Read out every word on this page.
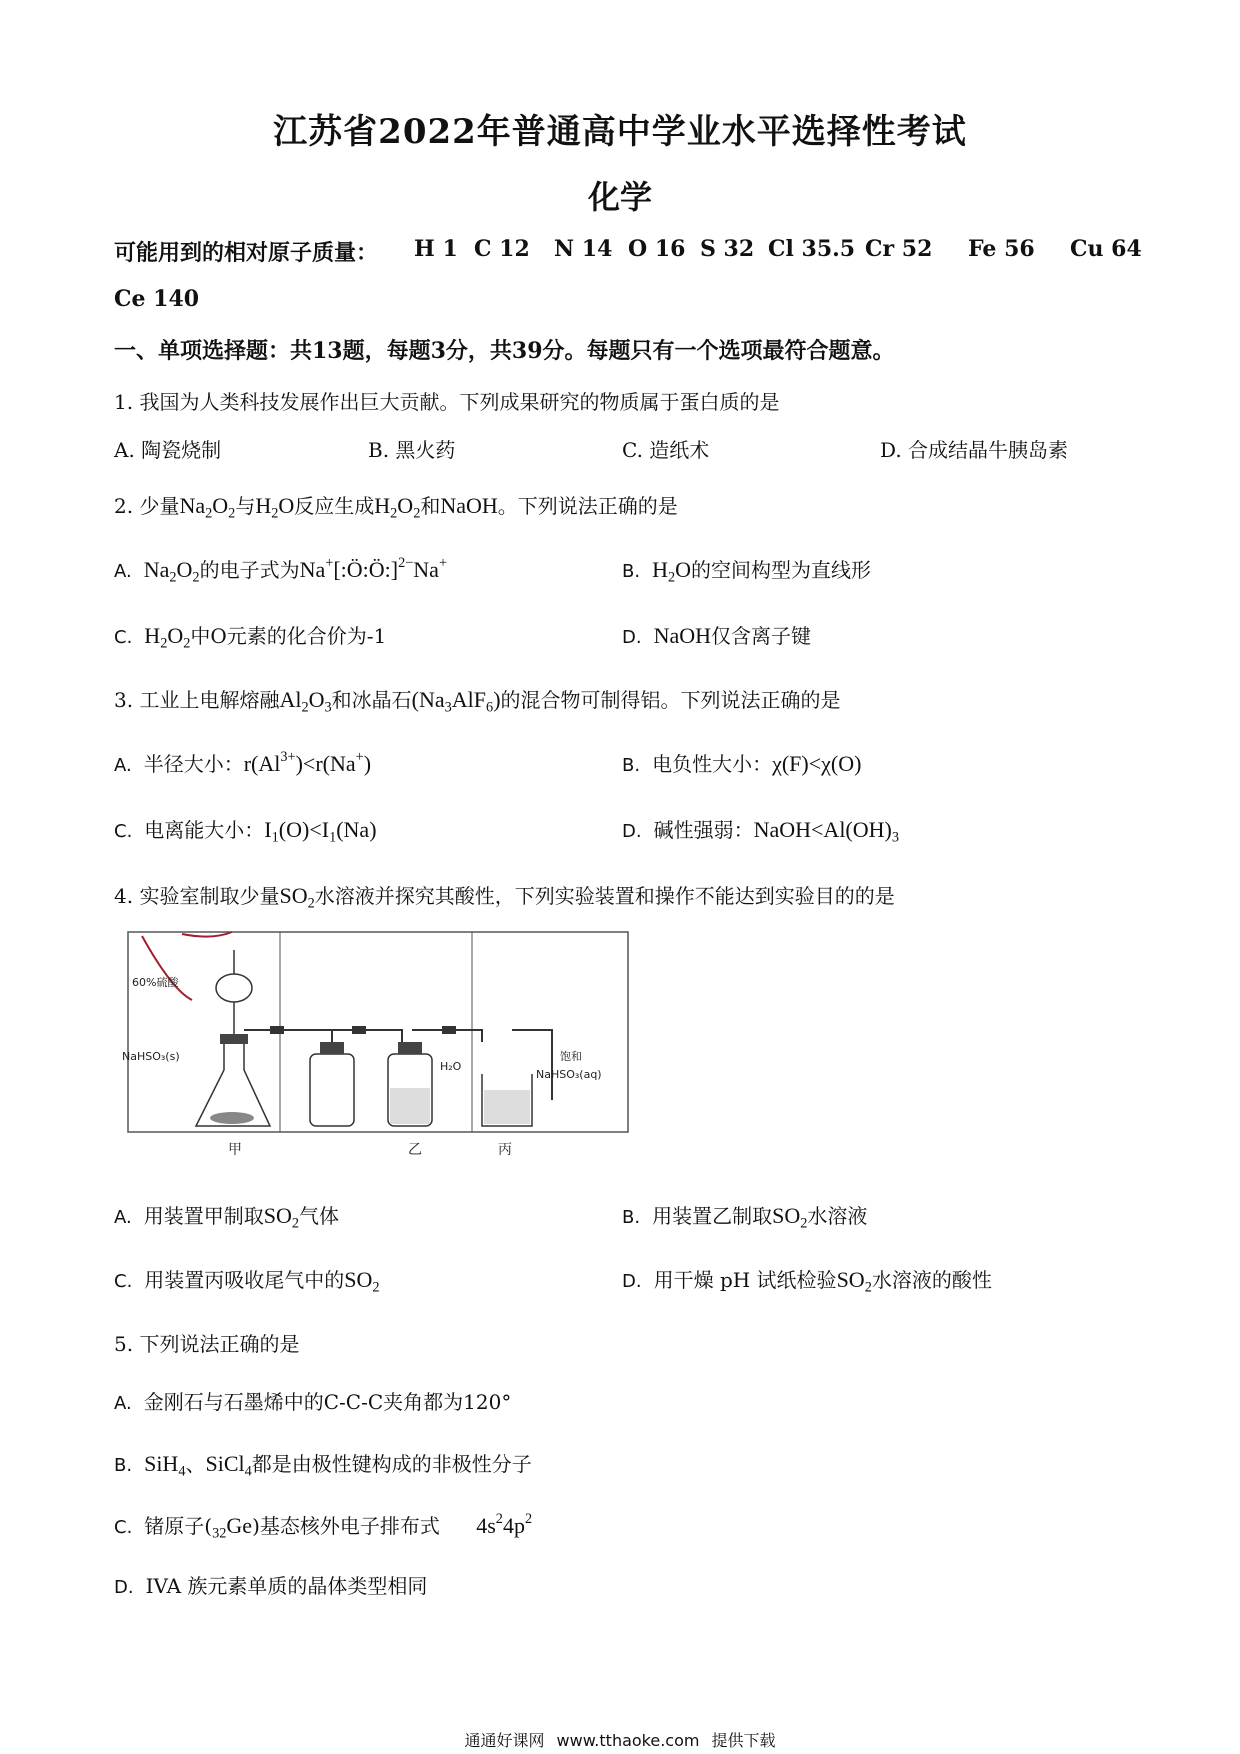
江苏省2022年普通高中学业水平选择性考试
化学
可能用到的相对原子质量： H 1 C 12 N 14 O 16 S 32 Cl 35.5 Cr 52 Fe 56 Cu 64
Ce 140
一、单项选择题：共13题，每题3分，共39分。每题只有一个选项最符合题意。
1. 我国为人类科技发展作出巨大贡献。下列成果研究的物质属于蛋白质的是
A. 陶瓷烧制	B. 黑火药	C. 造纸术	D. 合成结晶牛胰岛素
2. 少量$Na_2O_2$与$H_2O$反应生成$H_2O_2$和NaOH。下列说法正确的是
A. $Na_2O_2$的电子式为Na+[:Ö:Ö:]$^{2-}$Na+	B. $H_2O$的空间构型为直线形
C. $H_2O_2$中O元素的化合价为-1	D. NaOH仅含离子键
3. 工业上电解熔融$Al_2O_3$和冰晶石$(Na_3AlF_6)$的混合物可制得铝。下列说法正确的是
A. 半径大小：$r(Al^{3+})<r(Na^+)$	B. 电负性大小：χ(F)<χ(O)
C. 电离能大小：$I_1(O)<I_1(Na)$	D. 碱性强弱：$NaOH<Al(OH)_3$
4. 实验室制取少量$SO_2$水溶液并探究其酸性，下列实验装置和操作不能达到实验目的的是
60%硫酸
NaHSO₃(s)
H₂O
饱和
NaHSO₃(aq)
甲	乙	丙
A. 用装置甲制取$SO_2$气体	B. 用装置乙制取$SO_2$水溶液
C. 用装置丙吸收尾气中的$SO_2$	D. 用干燥 pH 试纸检验$SO_2$水溶液的酸性
5. 下列说法正确的是
A. 金刚石与石墨烯中的C-C-C夹角都为120°
B. SiH$_4$、SiCl$_4$都是由极性键构成的非极性分子
C. 锗原子$(_{32}Ge)$基态核外电子排布式 $4s^24p^2$
D. IVA 族元素单质的晶体类型相同
通通好课网 www.tthaoke.com 提供下载
